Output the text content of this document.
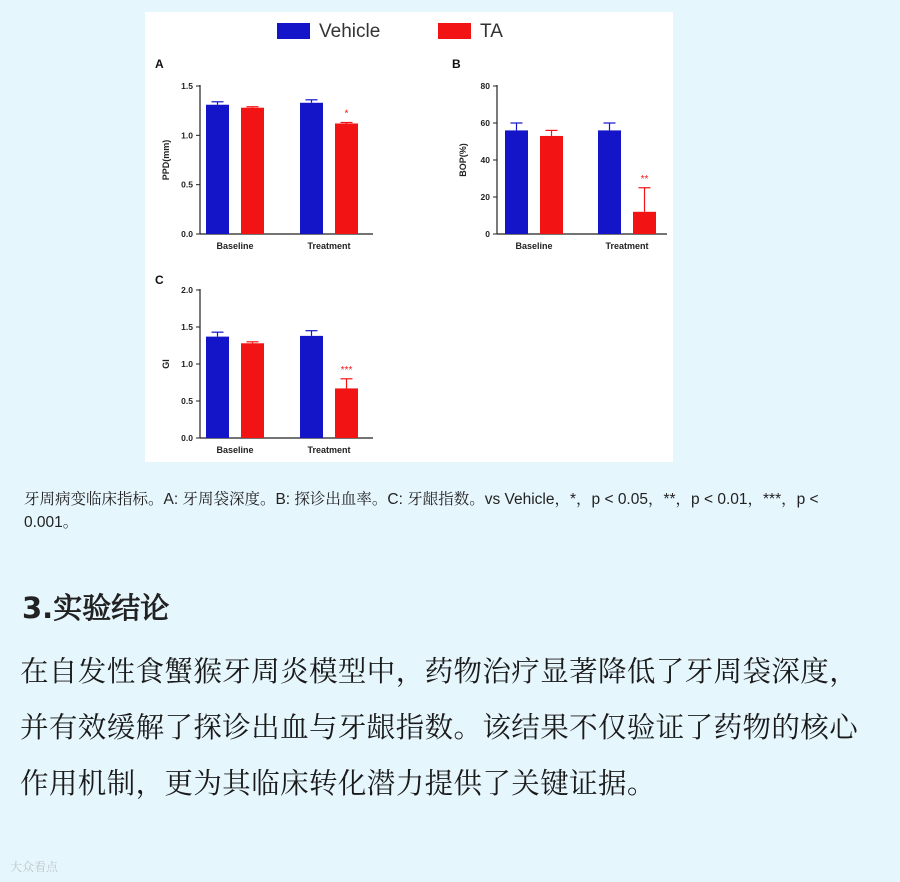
Vehicle	TA
A
0.0
0.5
1.0
1.5
PPD(mm)
Baseline	Treatment
*
B
0
20
40
60
80
BOP(%)
Baseline	Treatment
**
C
0.0
0.5
1.0
1.5
2.0
GI
Baseline	Treatment
***

牙周病变临床指标。A: 牙周袋深度。B: 探诊出血率。C: 牙龈指数。vs Vehicle，*，p < 0.05，**，p < 0.01，***，p < 0.001。

3.实验结论

在自发性食蟹猴牙周炎模型中，药物治疗显著降低了牙周袋深度，并有效缓解了探诊出血与牙龈指数。该结果不仅验证了药物的核心作用机制，更为其临床转化潜力提供了关键证据。

大众看点
